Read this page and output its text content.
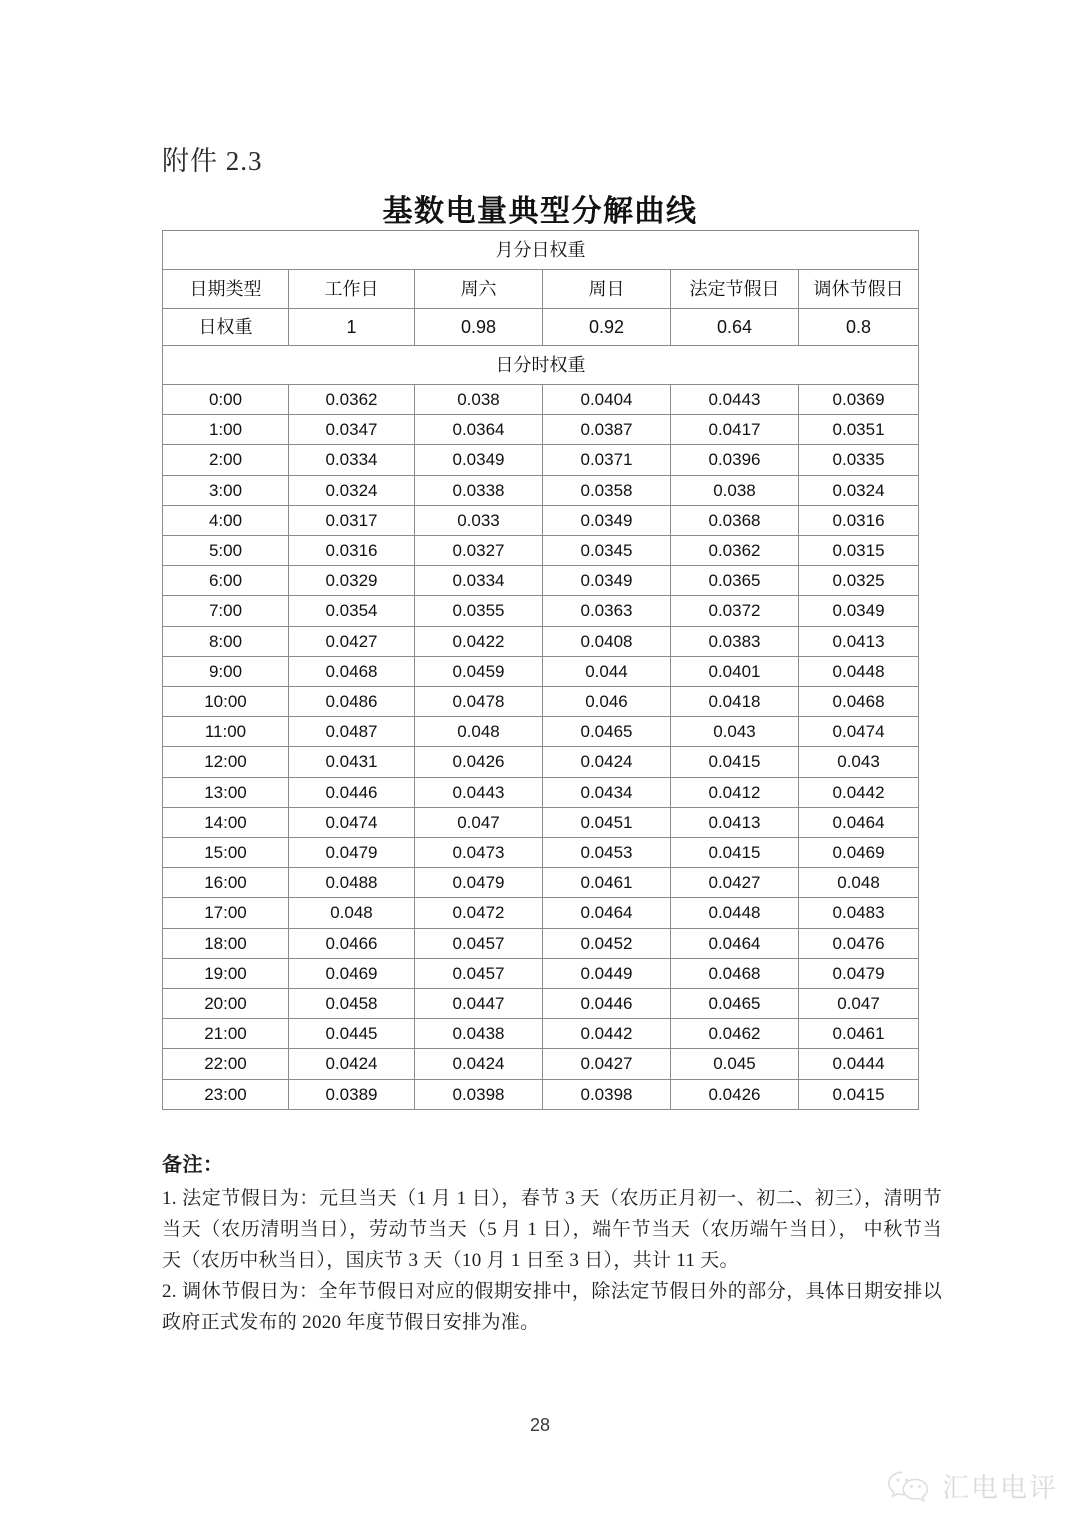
附件 2.3
基数电量典型分解曲线
月分日权重					
日期类型	工作日	周六	周日	法定节假日	调休节假日
日权重	1	0.98	0.92	0.64	0.8
日分时权重					
0:00	0.0362	0.038	0.0404	0.0443	0.0369
1:00	0.0347	0.0364	0.0387	0.0417	0.0351
2:00	0.0334	0.0349	0.0371	0.0396	0.0335
3:00	0.0324	0.0338	0.0358	0.038	0.0324
4:00	0.0317	0.033	0.0349	0.0368	0.0316
5:00	0.0316	0.0327	0.0345	0.0362	0.0315
6:00	0.0329	0.0334	0.0349	0.0365	0.0325
7:00	0.0354	0.0355	0.0363	0.0372	0.0349
8:00	0.0427	0.0422	0.0408	0.0383	0.0413
9:00	0.0468	0.0459	0.044	0.0401	0.0448
10:00	0.0486	0.0478	0.046	0.0418	0.0468
11:00	0.0487	0.048	0.0465	0.043	0.0474
12:00	0.0431	0.0426	0.0424	0.0415	0.043
13:00	0.0446	0.0443	0.0434	0.0412	0.0442
14:00	0.0474	0.047	0.0451	0.0413	0.0464
15:00	0.0479	0.0473	0.0453	0.0415	0.0469
16:00	0.0488	0.0479	0.0461	0.0427	0.048
17:00	0.048	0.0472	0.0464	0.0448	0.0483
18:00	0.0466	0.0457	0.0452	0.0464	0.0476
19:00	0.0469	0.0457	0.0449	0.0468	0.0479
20:00	0.0458	0.0447	0.0446	0.0465	0.047
21:00	0.0445	0.0438	0.0442	0.0462	0.0461
22:00	0.0424	0.0424	0.0427	0.045	0.0444
23:00	0.0389	0.0398	0.0398	0.0426	0.0415
备注：
1. 法定节假日为：元旦当天（1 月 1 日），春节 3 天（农历正月初一、初二、初三），清明节当天（农历清明当日），劳动节当天（5 月 1 日），端午节当天（农历端午当日）， 中秋节当天（农历中秋当日），国庆节 3 天（10 月 1 日至 3 日），共计 11 天。
2. 调休节假日为：全年节假日对应的假期安排中，除法定节假日外的部分，具体日期安排以政府正式发布的 2020 年度节假日安排为准。
28
汇电电评
